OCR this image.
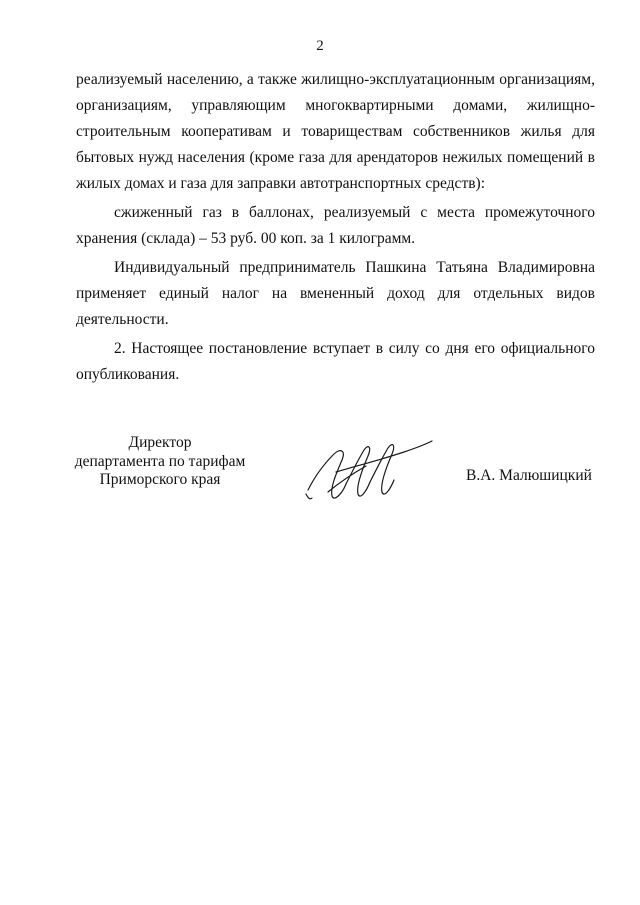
2

реализуемый населению, а также жилищно-эксплуатационным организациям, организациям, управляющим многоквартирными домами, жилищно-строительным кооперативам и товариществам собственников жилья для бытовых нужд населения (кроме газа для арендаторов нежилых помещений в жилых домах и газа для заправки автотранспортных средств):

сжиженный газ в баллонах, реализуемый с места промежуточного хранения (склада) – 53 руб. 00 коп. за 1 килограмм.

Индивидуальный предприниматель Пашкина Татьяна Владимировна применяет единый налог на вмененный доход для отдельных видов деятельности.

2. Настоящее постановление вступает в силу со дня его официального опубликования.

Директор
департамента по тарифам
Приморского края	В.А. Малюшицкий
